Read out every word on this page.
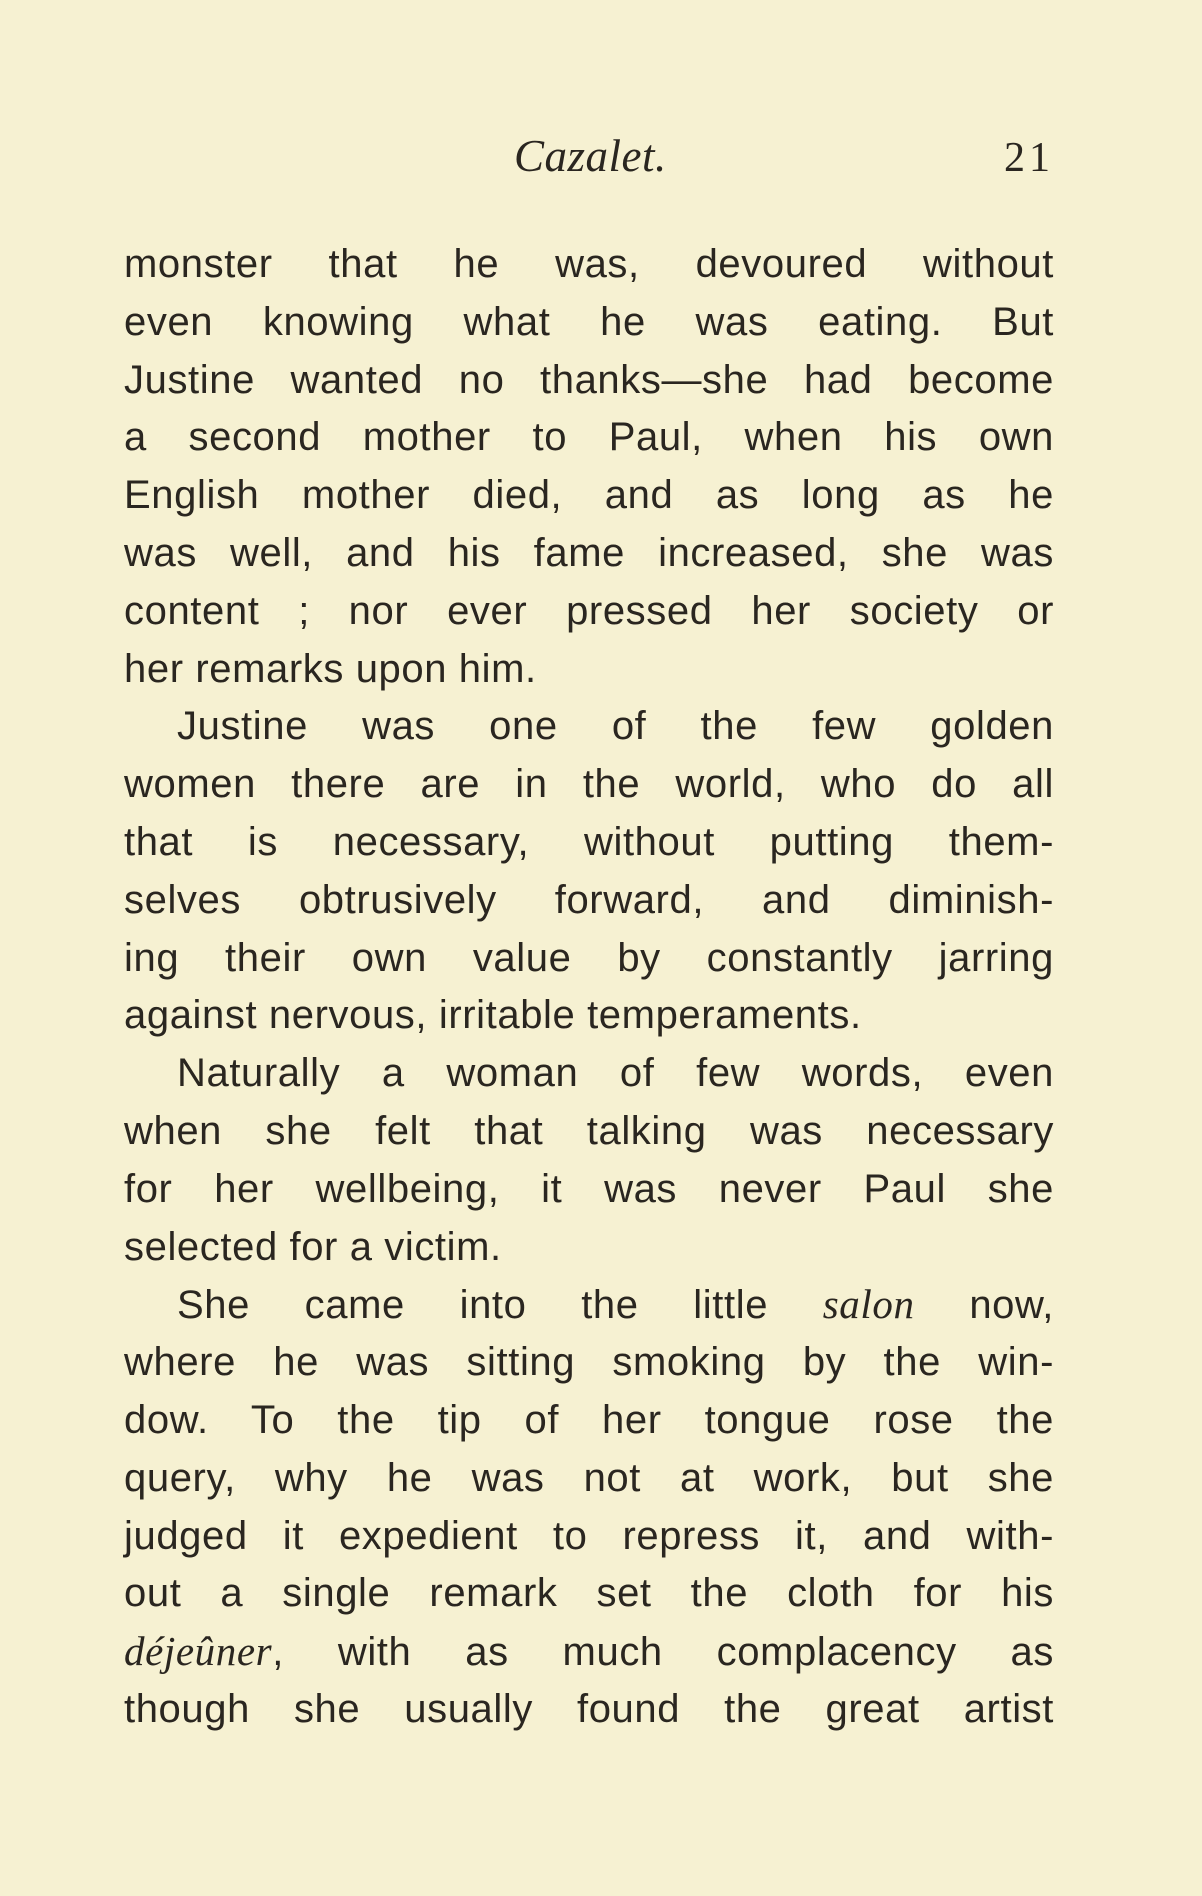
Cazalet.	21
monster that he was, devoured without
even knowing what he was eating. But
Justine wanted no thanks—she had become
a second mother to Paul, when his own
English mother died, and as long as he
was well, and his fame increased, she was
content ; nor ever pressed her society or
her remarks upon him.
Justine was one of the few golden
women there are in the world, who do all
that is necessary, without putting them-
selves obtrusively forward, and diminish-
ing their own value by constantly jarring
against nervous, irritable temperaments.
Naturally a woman of few words, even
when she felt that talking was necessary
for her wellbeing, it was never Paul she
selected for a victim.
She came into the little salon now,
where he was sitting smoking by the win-
dow. To the tip of her tongue rose the
query, why he was not at work, but she
judged it expedient to repress it, and with-
out a single remark set the cloth for his
déjeûner, with as much complacency as
though she usually found the great artist
